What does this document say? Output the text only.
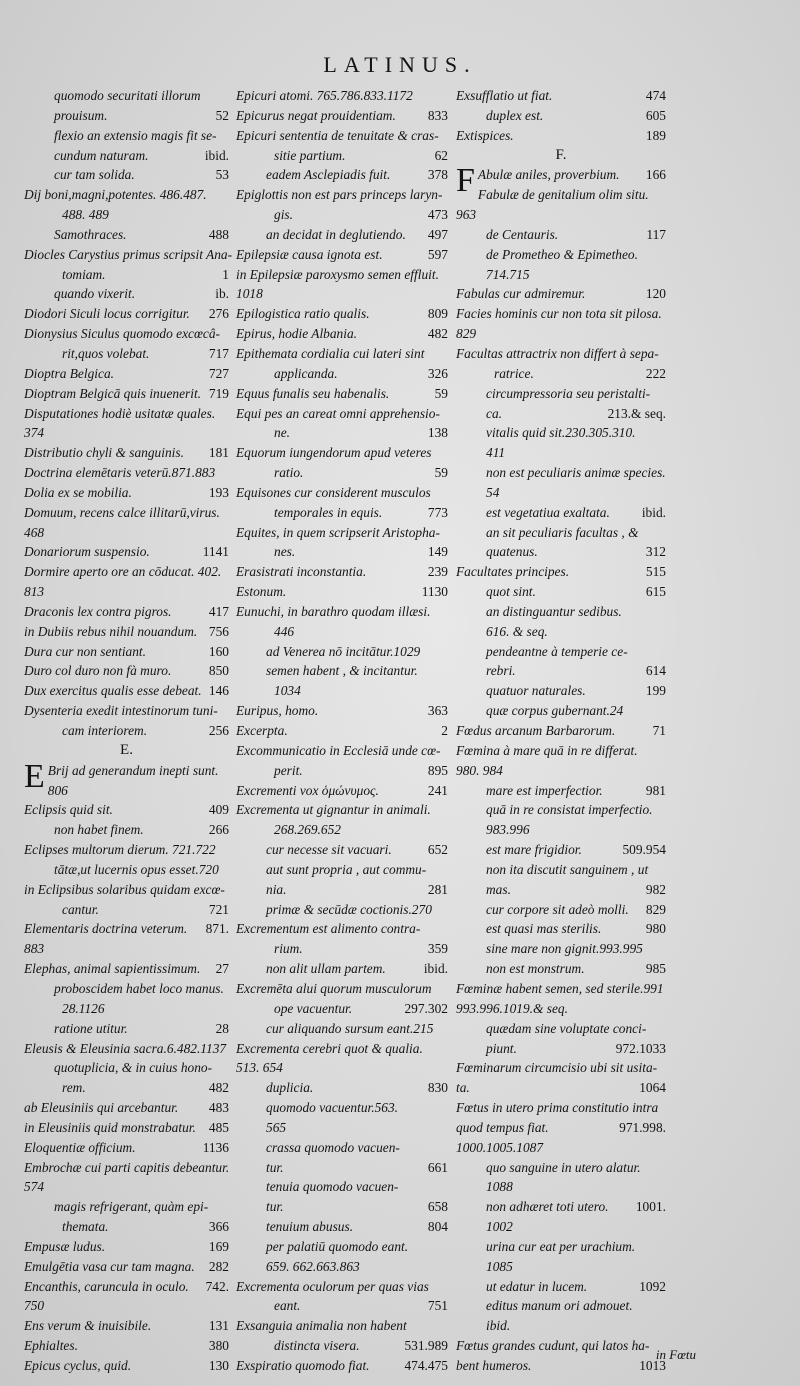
LATINUS.
quomodo securitati illorum
prouisum.	52
flexio an extensio magis fit se-
cundum naturam.	ibid.
cur tam solida.	53
Dij boni,magni,potentes. 486.487.
488. 489
Samothraces.	488
Diocles Carystius primus scripsit Ana-
tomiam.	1
quando vixerit.	ib.
Diodori Siculi locus corrigitur. 276
Dionysius Siculus quomodo excœcâ-
rit,quos volebat.	717
Dioptra Belgica.	727
Dioptram Belgicā quis inuenerit. 719
Disputationes hodiè usitatæ quales.
374
Distributio chyli & sanguinis. 181
Doctrina elemētaris veterū.871.883
Dolia ex se mobilia.	193
Domuum, recens calce illitarū,virus.
468
Donariorum suspensio.	1141
Dormire aperto ore an cōducat. 402.
813
Draconis lex contra pigros.	417
in Dubiis rebus nihil nouandum. 756
Dura cur non sentiant.	160
Duro col duro non fà muro.	850
Dux exercitus qualis esse debeat. 146
Dysenteria exedit intestinorum tuni-
cam interiorem.	256
E.
E Brij ad generandum inepti sunt.
806
Eclipsis quid sit.	409
non habet finem.	266
Eclipses multorum dierum. 721.722
tātæ,ut lucernis opus esset.720
in Eclipsibus solaribus quidam excœ-
cantur.	721
Elementaris doctrina veterum. 871.
883
Elephas, animal sapientissimum. 27
proboscidem habet loco manus.
28.1126
ratione utitur.	28
Eleusis & Eleusinia sacra.6.482.1137
quotuplicia, & in cuius hono-
rem.	482
ab Eleusiniis qui arcebantur. 483
in Eleusiniis quid monstrabatur. 485
Eloquentiæ officium.	1136
Embrochæ cui parti capitis debeantur.
574
magis refrigerant, quàm epi-
themata.	366
Empusæ ludus.	169
Emulgētia vasa cur tam magna. 282
Encanthis, caruncula in oculo. 742.
750
Ens verum & inuisibile.	131
Ephialtes.	380
Epicus cyclus, quid.	130
Epicuri atomi. 765.786.833.1172
Epicurus negat prouidentiam. 833
Epicuri sententia de tenuitate & cras-
sitie partium.	62
eadem Asclepiadis fuit.	378
Epiglottis non est pars princeps laryn-
gis.	473
an decidat in deglutiendo. 497
Epilepsiæ causa ignota est.	597
in Epilepsiæ paroxysmo semen effluit.
1018
Epilogistica ratio qualis.	809
Epirus, hodie Albania.	482
Epithemata cordialia cui lateri sint
applicanda.	326
Equus funalis seu habenalis.	59
Equi pes an careat omni apprehensio-
ne.	138
Equorum iungendorum apud veteres
ratio.	59
Equisones cur considerent musculos
temporales in equis.	773
Equites, in quem scripserit Aristopha-
nes.	149
Erasistrati inconstantia.	239
Estonum.	1130
Eunuchi, in barathro quodam illæsi.
446
ad Venerea nō incitātur.1029
semen habent , & incitantur.
1034
Euripus, homo.	363
Excerpta.	2
Excommunicatio in Ecclesiā unde cœ-
perit.	895
Excrementi vox ὁμώνυμος.	241
Excrementa ut gignantur in animali.
268.269.652
cur necesse sit vacuari.	652
aut sunt propria , aut commu-
nia.	281
primæ & secūdæ coctionis.270
Excrementum est alimento contra-
rium.	359
non alit ullam partem.	ibid.
Excremēta alui quorum musculorum
ope vacuentur.	297.302
cur aliquando sursum eant.215
Excrementa cerebri quot & qualia.
513. 654
duplicia.	830
quomodo vacuentur.563.
565
crassa quomodo vacuen-
tur.	661
tenuia quomodo vacuen-
tur.	658
tenuium abusus.	804
per palatiū quomodo eant.
659. 662.663.863
Excrementa oculorum per quas vias
eant.	751
Exsanguia animalia non habent
distincta visera.	531.989
Exspiratio quomodo fiat.	474.475
Exsufflatio ut fiat.	474
duplex est.	605
Extispices.	189
F.
F Abulæ aniles, proverbium. 166
Fabulæ de genitalium olim situ.
963
de Centauris.	117
de Prometheo & Epimetheo.
714.715
Fabulas cur admiremur.	120
Facies hominis cur non tota sit pilosa.
829
Facultas attractrix non differt à sepa-
ratrice.	222
circumpressoria seu peristalti-
ca.	213.& seq.
vitalis quid sit.230.305.310.
411
non est peculiaris animæ species.
54
est vegetatiua exaltata. ibid.
an sit peculiaris facultas , &
quatenus.	312
Facultates principes.	515
quot sint.	615
an distinguantur sedibus.
616. & seq.
pendeantne à temperie ce-
rebri.	614
quatuor naturales.	199
quæ corpus gubernant.24
Fœdus arcanum Barbarorum.	71
Fœmina à mare quā in re differat.
980. 984
mare est imperfectior.	981
quā in re consistat imperfectio.
983.996
est mare frigidior.	509.954
non ita discutit sanguinem , ut
mas.	982
cur corpore sit adeò molli. 829
est quasi mas sterilis.	980
sine mare non gignit.993.995
non est monstrum.	985
Fœminæ habent semen, sed sterile.991
993.996.1019.& seq.
quædam sine voluptate conci-
piunt.	972.1033
Fœminarum circumcisio ubi sit usita-
ta.	1064
Fœtus in utero prima constitutio intra
quod tempus fiat.	971.998.
1000.1005.1087
quo sanguine in utero alatur.
1088
non adhæret toti utero. 1001.
1002
urina cur eat per urachium.
1085
ut edatur in lucem.	1092
editus manum ori admouet.
ibid.
Fœtus grandes cudunt, qui latos ha-
bent humeros.	1013
in Fœtu
